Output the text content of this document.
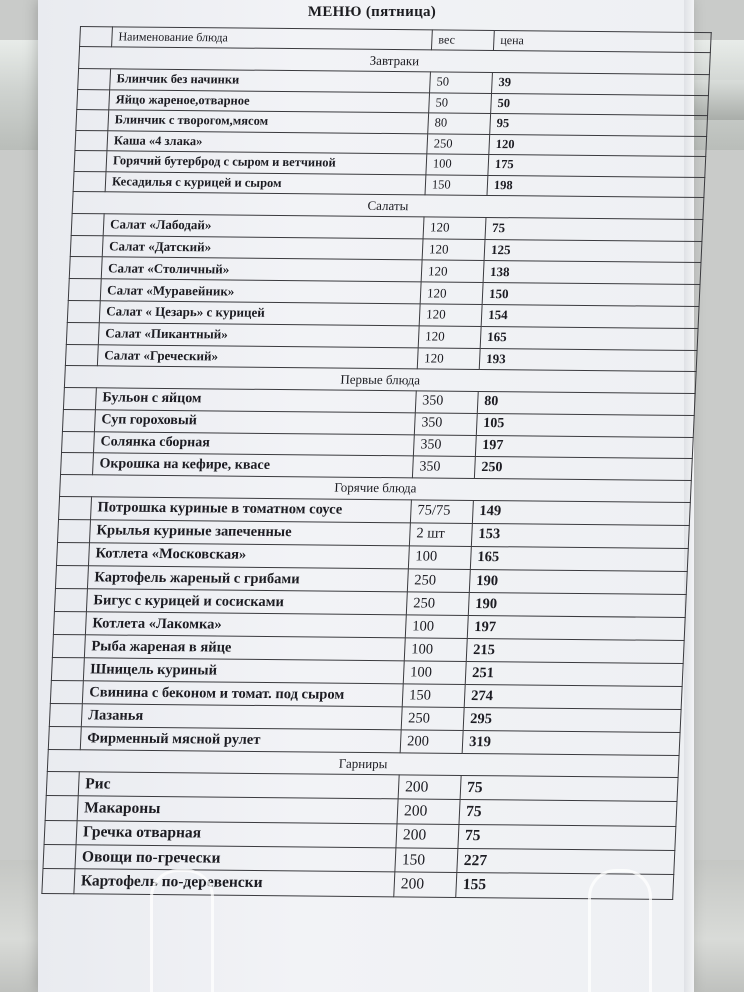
МЕНЮ (пятница)
	Наименование блюда	вес	цена
Завтраки			
	Блинчик без начинки	50	39
	Яйцо жареное,отварное	50	50
	Блинчик с творогом,мясом	80	95
	Каша «4 злака»	250	120
	Горячий бутерброд с сыром и ветчиной	100	175
	Кесадилья с курицей и сыром	150	198
Салаты			
	Салат «Лабодай»	120	75
	Салат «Датский»	120	125
	Салат «Столичный»	120	138
	Салат «Муравейник»	120	150
	Салат « Цезарь» с курицей	120	154
	Салат «Пикантный»	120	165
	Салат «Греческий»	120	193
Первые блюда			
	Бульон с яйцом	350	80
	Суп гороховый	350	105
	Солянка сборная	350	197
	Окрошка на кефире, квасе	350	250
Горячие блюда			
	Потрошка куриные в томатном соусе	75/75	149
	Крылья куриные запеченные	2 шт	153
	Котлета «Московская»	100	165
	Картофель жареный с грибами	250	190
	Бигус с курицей и сосисками	250	190
	Котлета «Лакомка»	100	197
	Рыба жареная в яйце	100	215
	Шницель куриный	100	251
	Свинина с беконом и томат. под сыром	150	274
	Лазанья	250	295
	Фирменный мясной рулет	200	319
Гарниры			
	Рис	200	75
	Макароны	200	75
	Гречка отварная	200	75
	Овощи по-гречески	150	227
	Картофель по-деревенски	200	155
